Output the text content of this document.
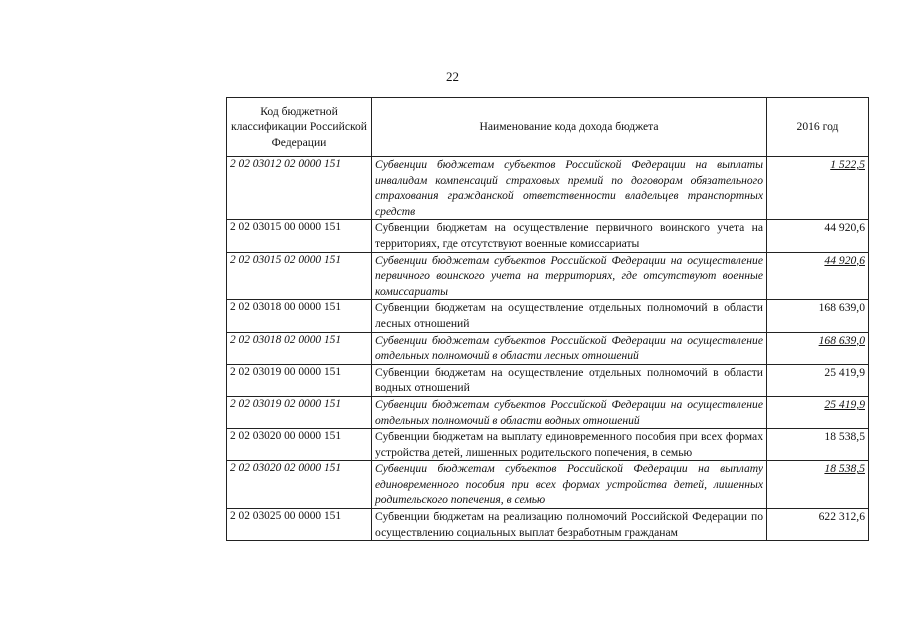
22
Код бюджетной классификации Российской Федерации	Наименование кода дохода бюджета	2016 год
2 02 03012 02 0000 151	Субвенции бюджетам субъектов Российской Федерации на выплаты инвалидам компенсаций страховых премий по договорам обязательного страхования гражданской ответственности владельцев транспортных средств	1 522,5
2 02 03015 00 0000 151	Субвенции бюджетам на осуществление первичного воинского учета на территориях, где отсутствуют военные комиссариаты	44 920,6
2 02 03015 02 0000 151	Субвенции бюджетам субъектов Российской Федерации на осуществление первичного воинского учета на территориях, где отсутствуют военные комиссариаты	44 920,6
2 02 03018 00 0000 151	Субвенции бюджетам на осуществление отдельных полномочий в области лесных отношений	168 639,0
2 02 03018 02 0000 151	Субвенции бюджетам субъектов Российской Федерации на осуществление отдельных полномочий в области лесных отношений	168 639,0
2 02 03019 00 0000 151	Субвенции бюджетам на осуществление отдельных полномочий в области водных отношений	25 419,9
2 02 03019 02 0000 151	Субвенции бюджетам субъектов Российской Федерации на осуществление отдельных полномочий в области водных отношений	25 419,9
2 02 03020 00 0000 151	Субвенции бюджетам на выплату единовременного пособия при всех формах устройства детей, лишенных родительского попечения, в семью	18 538,5
2 02 03020 02 0000 151	Субвенции бюджетам субъектов Российской Федерации на выплату единовременного пособия при всех формах устройства детей, лишенных родительского попечения, в семью	18 538,5
2 02 03025 00 0000 151	Субвенции бюджетам на реализацию полномочий Российской Федерации по осуществлению социальных выплат безработным гражданам	622 312,6
